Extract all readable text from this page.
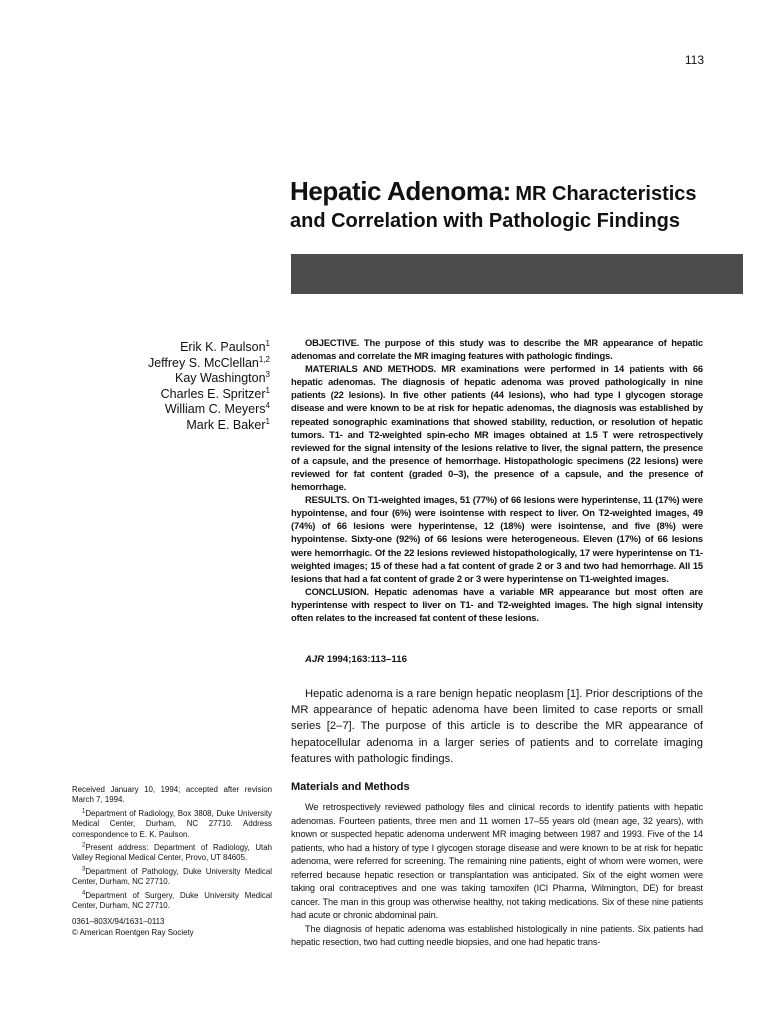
113
Hepatic Adenoma: MR Characteristics
and Correlation with Pathologic Findings
Erik K. Paulson$^1$
Jeffrey S. McClellan$^{1,2}$
Kay Washington$^3$
Charles E. Spritzer$^1$
William C. Meyers$^4$
Mark E. Baker$^1$

OBJECTIVE. The purpose of this study was to describe the MR appearance of hepatic adenomas and correlate the MR imaging features with pathologic findings.

MATERIALS AND METHODS. MR examinations were performed in 14 patients with 66 hepatic adenomas. The diagnosis of hepatic adenoma was proved pathologically in nine patients (22 lesions). In five other patients (44 lesions), who had type I glycogen storage disease and were known to be at risk for hepatic adenomas, the diagnosis was established by repeated sonographic examinations that showed stability, reduction, or resolution of hepatic tumors. T1- and T2-weighted spin-echo MR images obtained at 1.5 T were retrospectively reviewed for the signal intensity of the lesions relative to liver, the signal pattern, the presence of a capsule, and the presence of hemorrhage. Histopathologic specimens (22 lesions) were reviewed for fat content (graded 0–3), the presence of a capsule, and the presence of hemorrhage.

RESULTS. On T1-weighted images, 51 (77%) of 66 lesions were hyperintense, 11 (17%) were hypointense, and four (6%) were isointense with respect to liver. On T2-weighted images, 49 (74%) of 66 lesions were hyperintense, 12 (18%) were isointense, and five (8%) were hypointense. Sixty-one (92%) of 66 lesions were heterogeneous. Eleven (17%) of 66 lesions were hemorrhagic. Of the 22 lesions reviewed histopathologically, 17 were hyperintense on T1-weighted images; 15 of these had a fat content of grade 2 or 3 and two had hemorrhage. All 15 lesions that had a fat content of grade 2 or 3 were hyperintense on T1-weighted images.

CONCLUSION. Hepatic adenomas have a variable MR appearance but most often are hyperintense with respect to liver on T1- and T2-weighted images. The high signal intensity often relates to the increased fat content of these lesions.

AJR 1994;163:113–116

Hepatic adenoma is a rare benign hepatic neoplasm [1]. Prior descriptions of the MR appearance of hepatic adenoma have been limited to case reports or small series [2–7]. The purpose of this article is to describe the MR appearance of hepatocellular adenoma in a larger series of patients and to correlate imaging features with pathologic findings.

Materials and Methods

We retrospectively reviewed pathology files and clinical records to identify patients with hepatic adenomas. Fourteen patients, three men and 11 women 17–55 years old (mean age, 32 years), with known or suspected hepatic adenoma underwent MR imaging between 1987 and 1993. Five of the 14 patients, who had a history of type I glycogen storage disease and were known to be at risk for hepatic adenoma, were referred for screening. The remaining nine patients, eight of whom were women, were referred because hepatic resection or transplantation was anticipated. Six of the eight women were taking oral contraceptives and one was taking tamoxifen (ICI Pharma, Wilmington, DE) for breast cancer. The man in this group was otherwise healthy, not taking medications. Six of these nine patients had acute or chronic abdominal pain.

The diagnosis of hepatic adenoma was established histologically in nine patients. Six patients had hepatic resection, two had cutting needle biopsies, and one had hepatic trans-

Received January 10, 1994; accepted after revision March 7, 1994.

$^1$Department of Radiology, Box 3808, Duke University Medical Center, Durham, NC 27710. Address correspondence to E. K. Paulson.

$^2$Present address: Department of Radiology, Utah Valley Regional Medical Center, Provo, UT 84605.

$^3$Department of Pathology, Duke University Medical Center, Durham, NC 27710.

$^4$Department of Surgery, Duke University Medical Center, Durham, NC 27710.

0361–803X/94/1631–0113

© American Roentgen Ray Society
